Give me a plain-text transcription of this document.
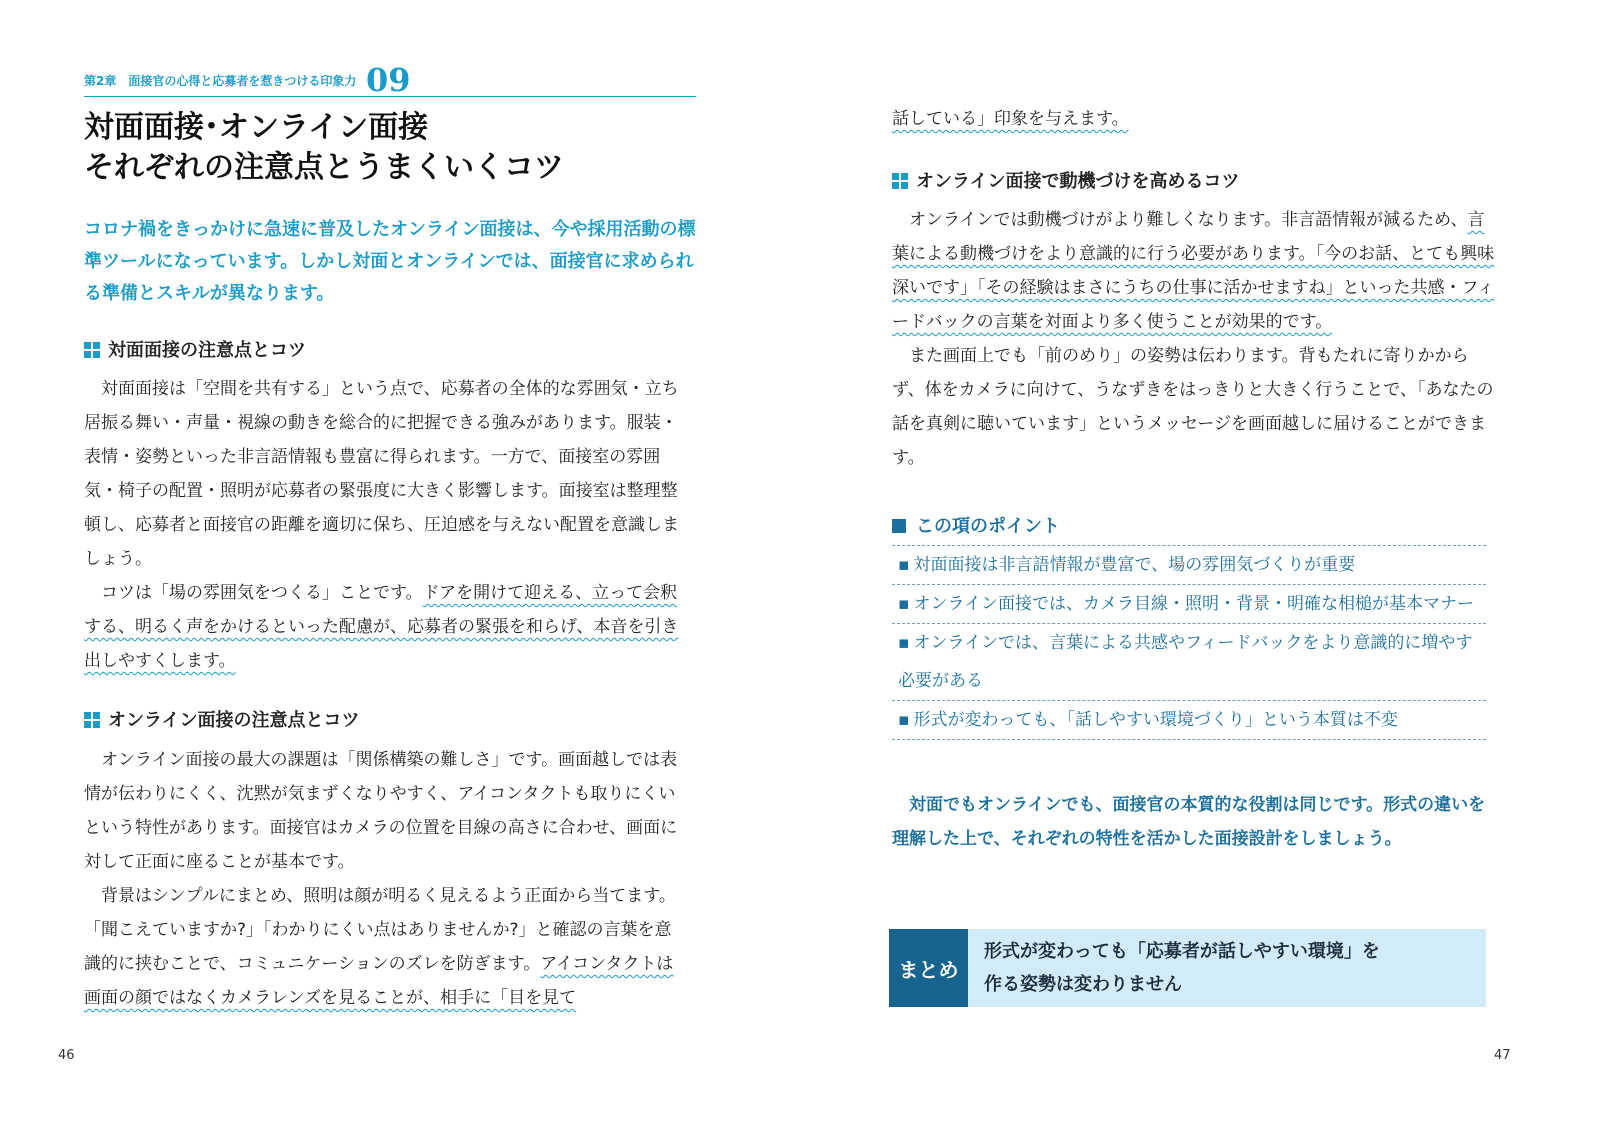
第2章　面接官の心得と応募者を惹きつける印象力 09
対面面接･オンライン面接
それぞれの注意点とうまくいくコツ
コロナ禍をきっかけに急速に普及したオンライン面接は、今や採用活動の標準ツールになっています。しかし対面とオンラインでは、面接官に求められる準備とスキルが異なります。
対面面接の注意点とコツ

対面面接は「空間を共有する」という点で、応募者の全体的な雰囲気・立ち居振る舞い・声量・視線の動きを総合的に把握できる強みがあります。服装・表情・姿勢といった非言語情報も豊富に得られます。一方で、面接室の雰囲気・椅子の配置・照明が応募者の緊張度に大きく影響します。面接室は整理整頓し、応募者と面接官の距離を適切に保ち、圧迫感を与えない配置を意識しましょう。

コツは「場の雰囲気をつくる」ことです。ドアを開けて迎える、立って会釈する、明るく声をかけるといった配慮が、応募者の緊張を和らげ、本音を引き出しやすくします。

オンライン面接の注意点とコツ

オンライン面接の最大の課題は「関係構築の難しさ」です。画面越しでは表情が伝わりにくく、沈黙が気まずくなりやすく、アイコンタクトも取りにくいという特性があります。面接官はカメラの位置を目線の高さに合わせ、画面に対して正面に座ることが基本です。

背景はシンプルにまとめ、照明は顔が明るく見えるよう正面から当てます。「聞こえていますか?」「わかりにくい点はありませんか?」と確認の言葉を意識的に挟むことで、コミュニケーションのズレを防ぎます。アイコンタクトは画面の顔ではなくカメラレンズを見ることが、相手に「目を見て

46
話している」印象を与えます。
オンライン面接で動機づけを高めるコツ

オンラインでは動機づけがより難しくなります。非言語情報が減るため、言葉による動機づけをより意識的に行う必要があります。「今のお話、とても興味深いです」「その経験はまさにうちの仕事に活かせますね」といった共感・フィードバックの言葉を対面より多く使うことが効果的です。

また画面上でも「前のめり」の姿勢は伝わります。背もたれに寄りかからず、体をカメラに向けて、うなずきをはっきりと大きく行うことで、「あなたの話を真剣に聴いています」というメッセージを画面越しに届けることができます。

この項のポイント
▪ 対面面接は非言語情報が豊富で、場の雰囲気づくりが重要
▪ オンライン面接では、カメラ目線・照明・背景・明確な相槌が基本マナー
▪ オンラインでは、言葉による共感やフィードバックをより意識的に増やす必要がある
▪ 形式が変わっても、「話しやすい環境づくり」という本質は不変
対面でもオンラインでも、面接官の本質的な役割は同じです。形式の違いを理解した上で、それぞれの特性を活かした面接設計をしましょう。
まとめ
形式が変わっても「応募者が話しやすい環境」を
作る姿勢は変わりません
47
